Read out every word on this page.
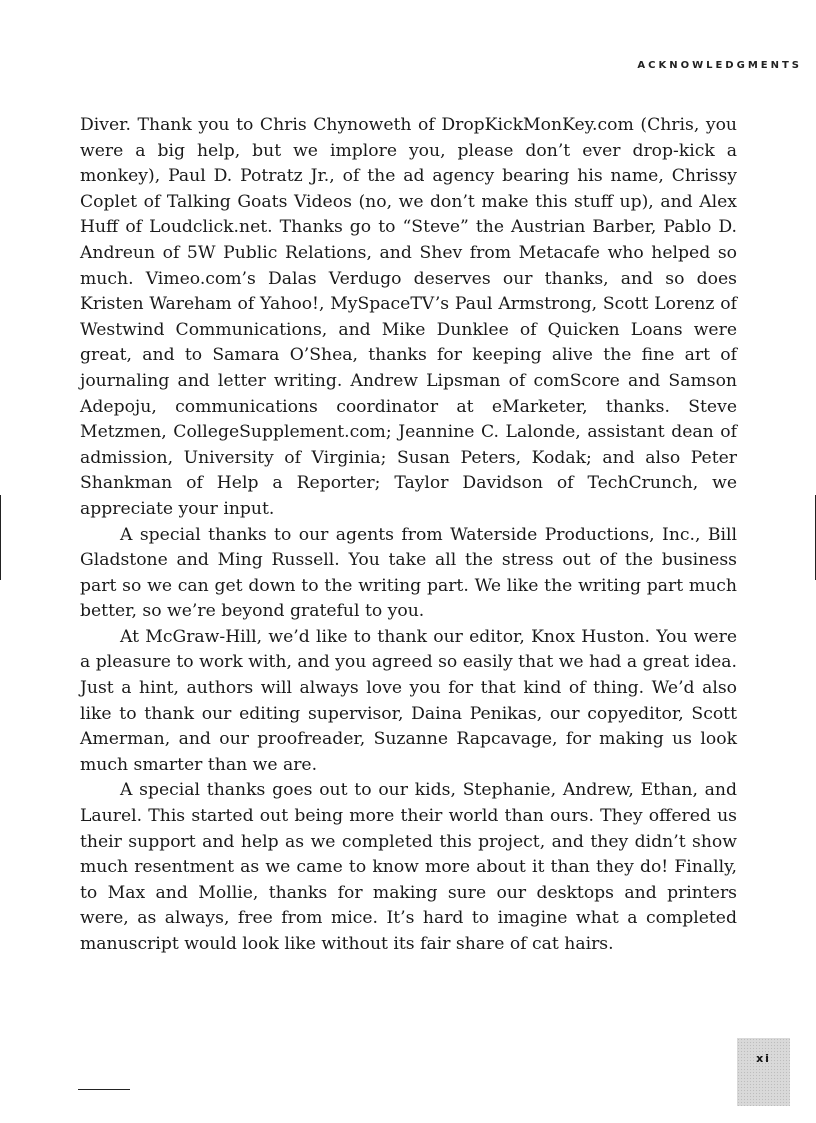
ACKNOWLEDGMENTS

Diver. Thank you to Chris Chynoweth of DropKickMonKey.com (Chris, you were a big help, but we implore you, please don’t ever drop-kick a monkey), Paul D. Potratz Jr., of the ad agency bearing his name, Chrissy Coplet of Talking Goats Videos (no, we don’t make this stuff up), and Alex Huff of Loudclick.net. Thanks go to “Steve” the Austrian Barber, Pablo D. Andreun of 5W Public Relations, and Shev from Metacafe who helped so much. Vimeo.com’s Dalas Verdugo deserves our thanks, and so does Kristen Wareham of Yahoo!, MySpaceTV’s Paul Armstrong, Scott Lorenz of Westwind Communications, and Mike Dunklee of Quicken Loans were great, and to Samara O’Shea, thanks for keeping alive the fine art of journaling and letter writing. Andrew Lipsman of comScore and Samson Adepoju, communications coordinator at eMarketer, thanks. Steve Metzmen, CollegeSupplement.com; Jeannine C. Lalonde, assistant dean of admission, University of Virginia; Susan Peters, Kodak; and also Peter Shankman of Help a Reporter; Taylor Davidson of TechCrunch, we appreciate your input.

A special thanks to our agents from Waterside Productions, Inc., Bill Gladstone and Ming Russell. You take all the stress out of the business part so we can get down to the writing part. We like the writing part much better, so we’re beyond grateful to you.

At McGraw-Hill, we’d like to thank our editor, Knox Huston. You were a pleasure to work with, and you agreed so easily that we had a great idea. Just a hint, authors will always love you for that kind of thing. We’d also like to thank our editing supervisor, Daina Penikas, our copyeditor, Scott Amerman, and our proofreader, Suzanne Rapcavage, for making us look much smarter than we are.

A special thanks goes out to our kids, Stephanie, Andrew, Ethan, and Laurel. This started out being more their world than ours. They offered us their support and help as we completed this project, and they didn’t show much resentment as we came to know more about it than they do! Finally, to Max and Mollie, thanks for making sure our desktops and printers were, as always, free from mice. It’s hard to imagine what a completed manuscript would look like without its fair share of cat hairs.

xi
